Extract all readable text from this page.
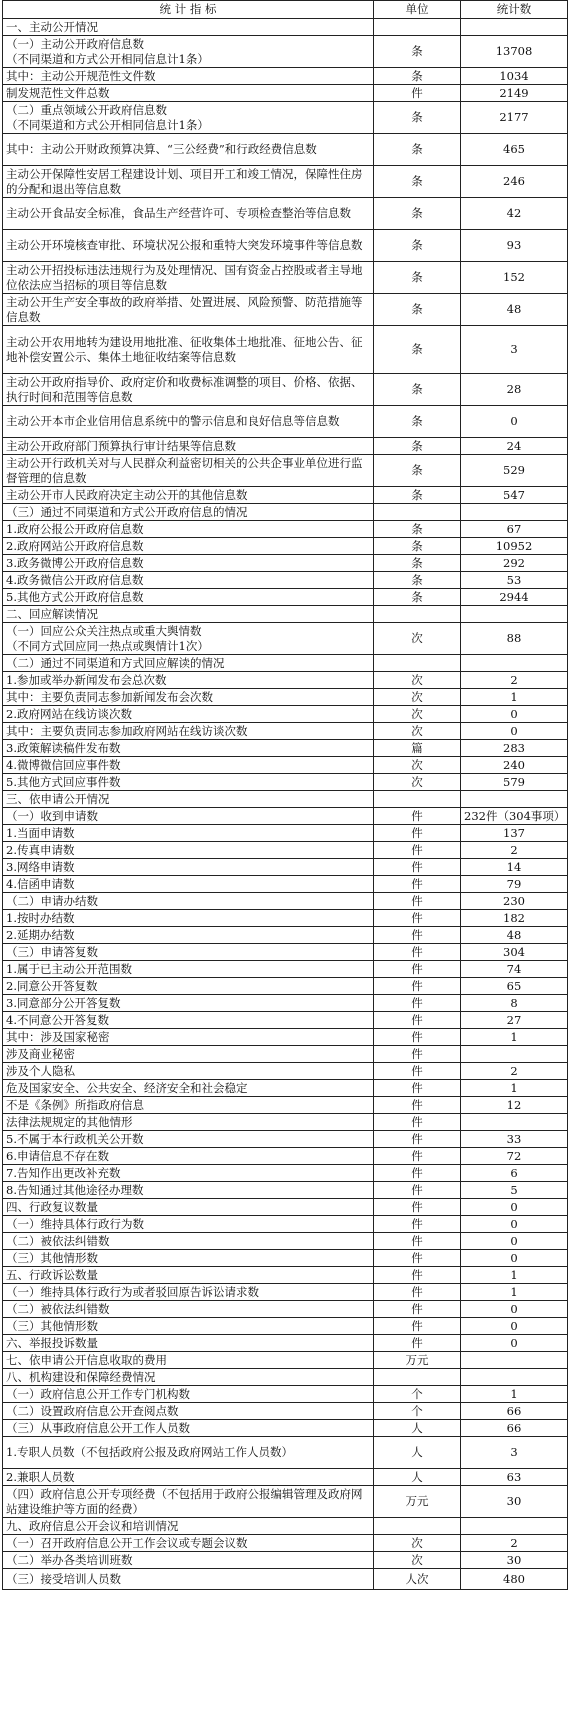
统 计 指 标	单位	统计数
一、主动公开情况		
（一）主动公开政府信息数
（不同渠道和方式公开相同信息计1条）	条	13708
其中：主动公开规范性文件数	条	1034
制发规范性文件总数	件	2149
（二）重点领域公开政府信息数
（不同渠道和方式公开相同信息计1条）	条	2177
其中：主动公开财政预算决算、“三公经费”和行政经费信息数	条	465
主动公开保障性安居工程建设计划、项目开工和竣工情况，保障性住房的分配和退出等信息数	条	246
主动公开食品安全标准，食品生产经营许可、专项检查整治等信息数	条	42
主动公开环境核查审批、环境状况公报和重特大突发环境事件等信息数	条	93
主动公开招投标违法违规行为及处理情况、国有资金占控股或者主导地位依法应当招标的项目等信息数	条	152
主动公开生产安全事故的政府举措、处置进展、风险预警、防范措施等信息数	条	48
主动公开农用地转为建设用地批准、征收集体土地批准、征地公告、征地补偿安置公示、集体土地征收结案等信息数	条	3
主动公开政府指导价、政府定价和收费标准调整的项目、价格、依据、执行时间和范围等信息数	条	28
主动公开本市企业信用信息系统中的警示信息和良好信息等信息数	条	0
主动公开政府部门预算执行审计结果等信息数	条	24
主动公开行政机关对与人民群众利益密切相关的公共企事业单位进行监督管理的信息数	条	529
主动公开市人民政府决定主动公开的其他信息数	条	547
（三）通过不同渠道和方式公开政府信息的情况		
1.政府公报公开政府信息数	条	67
2.政府网站公开政府信息数	条	10952
3.政务微博公开政府信息数	条	292
4.政务微信公开政府信息数	条	53
5.其他方式公开政府信息数	条	2944
二、回应解读情况		
（一）回应公众关注热点或重大舆情数
（不同方式回应同一热点或舆情计1次）	次	88
（二）通过不同渠道和方式回应解读的情况		
1.参加或举办新闻发布会总次数	次	2
其中：主要负责同志参加新闻发布会次数	次	1
2.政府网站在线访谈次数	次	0
其中：主要负责同志参加政府网站在线访谈次数	次	0
3.政策解读稿件发布数	篇	283
4.微博微信回应事件数	次	240
5.其他方式回应事件数	次	579
三、依申请公开情况		
（一）收到申请数	件	232件（304事项）
1.当面申请数	件	137
2.传真申请数	件	2
3.网络申请数	件	14
4.信函申请数	件	79
（二）申请办结数	件	230
1.按时办结数	件	182
2.延期办结数	件	48
（三）申请答复数	件	304
1.属于已主动公开范围数	件	74
2.同意公开答复数	件	65
3.同意部分公开答复数	件	8
4.不同意公开答复数	件	27
其中：涉及国家秘密	件	1
涉及商业秘密	件	
涉及个人隐私	件	2
危及国家安全、公共安全、经济安全和社会稳定	件	1
不是《条例》所指政府信息	件	12
法律法规规定的其他情形	件	
5.不属于本行政机关公开数	件	33
6.申请信息不存在数	件	72
7.告知作出更改补充数	件	6
8.告知通过其他途径办理数	件	5
四、行政复议数量	件	0
（一）维持具体行政行为数	件	0
（二）被依法纠错数	件	0
（三）其他情形数	件	0
五、行政诉讼数量	件	1
（一）维持具体行政行为或者驳回原告诉讼请求数	件	1
（二）被依法纠错数	件	0
（三）其他情形数	件	0
六、举报投诉数量	件	0
七、依申请公开信息收取的费用	万元	
八、机构建设和保障经费情况		
（一）政府信息公开工作专门机构数	个	1
（二）设置政府信息公开查阅点数	个	66
（三）从事政府信息公开工作人员数	人	66
1.专职人员数（不包括政府公报及政府网站工作人员数）	人	3
2.兼职人员数	人	63
（四）政府信息公开专项经费（不包括用于政府公报编辑管理及政府网站建设维护等方面的经费）	万元	30
九、政府信息公开会议和培训情况		
（一）召开政府信息公开工作会议或专题会议数	次	2
（二）举办各类培训班数	次	30
（三）接受培训人员数	人次	480
